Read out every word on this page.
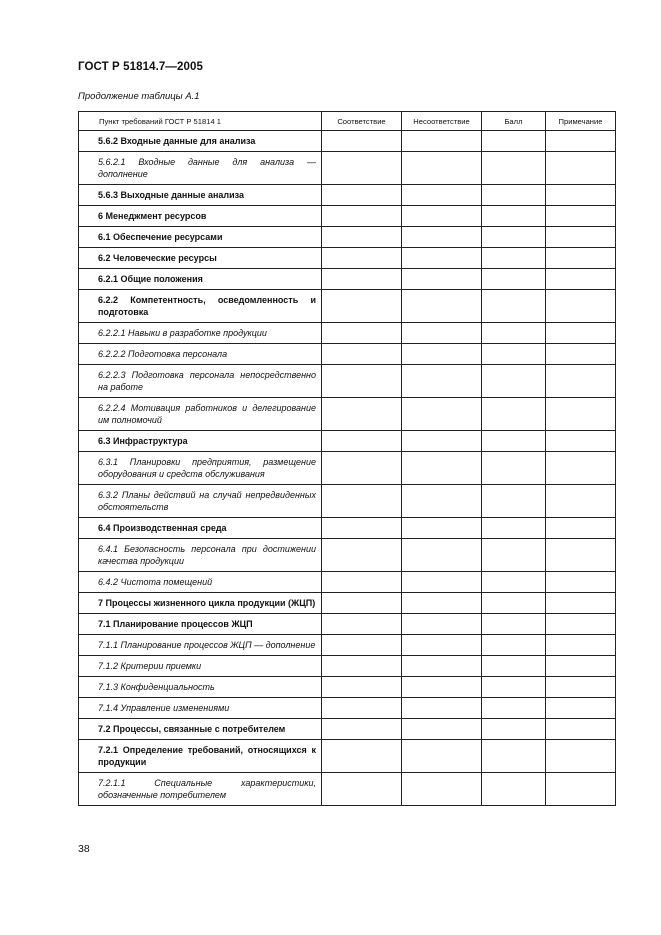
ГОСТ Р 51814.7—2005
Продолжение таблицы А.1
Пункт требований ГОСТ Р 51814 1	Соответствие	Несоответствие	Балл	Примечание
5.6.2 Входные данные для анализа				
5.6.2.1 Входные данные для анализа — дополнение				
5.6.3 Выходные данные анализа				
6 Менеджмент ресурсов				
6.1 Обеспечение ресурсами				
6.2 Человеческие ресурсы				
6.2.1 Общие положения				
6.2.2 Компетентность, осведомленность и подготовка				
6.2.2.1 Навыки в разработке продукции				
6.2.2.2 Подготовка персонала				
6.2.2.3 Подготовка персонала непосредственно на работе				
6.2.2.4 Мотивация работников и делегирование им полномочий				
6.3 Инфраструктура				
6.3.1 Планировки предприятия, размещение оборудования и средств обслуживания				
6.3.2 Планы действий на случай непредвиденных обстоятельств				
6.4 Производственная среда				
6.4.1 Безопасность персонала при достижении качества продукции				
6.4.2 Чистота помещений				
7 Процессы жизненного цикла продукции (ЖЦП)				
7.1 Планирование процессов ЖЦП				
7.1.1 Планирование процессов ЖЦП — дополнение				
7.1.2 Критерии приемки				
7.1.3 Конфиденциальность				
7.1.4 Управление изменениями				
7.2 Процессы, связанные с потребителем				
7.2.1 Определение требований, относящихся к продукции				
7.2.1.1 Специальные характеристики, обозначенные потребителем				
38
